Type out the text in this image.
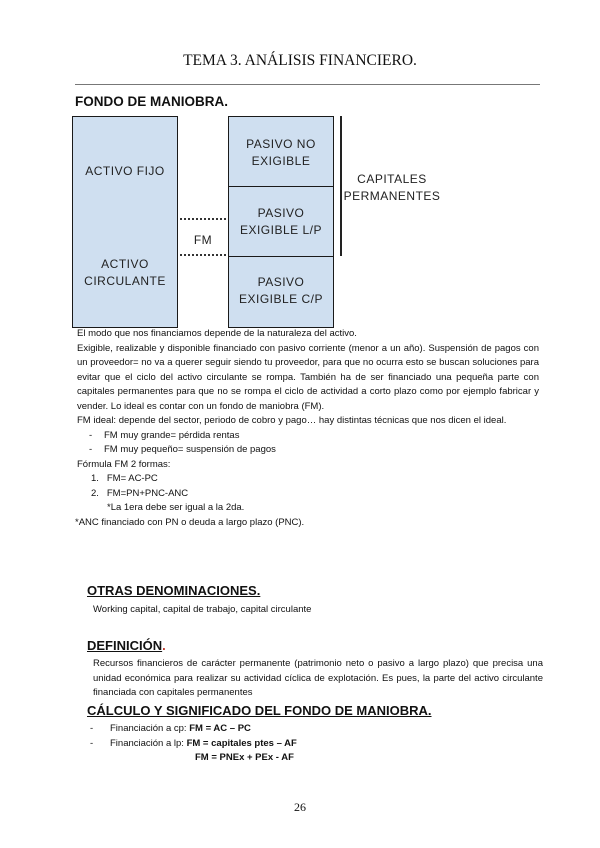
TEMA 3. ANÁLISIS FINANCIERO.
FONDO DE MANIOBRA.
ACTIVO FIJO
ACTIVO
CIRCULANTE
PASIVO NO
EXIGIBLE
PASIVO
EXIGIBLE L/P
PASIVO
EXIGIBLE C/P
FM
CAPITALES
PERMANENTES

El modo que nos financiamos depende de la naturaleza del activo.

Exigible, realizable y disponible financiado con pasivo corriente (menor a un año). Suspensión de pagos con un proveedor= no va a querer seguir siendo tu proveedor, para que no ocurra esto se buscan soluciones para evitar que el ciclo del activo circulante se rompa. También ha de ser financiado una pequeña parte con capitales permanentes para que no se rompa el ciclo de actividad a corto plazo como por ejemplo fabricar y vender. Lo ideal es contar con un fondo de maniobra (FM).

FM ideal: depende del sector, periodo de cobro y pago… hay distintas técnicas que nos dicen el ideal.

- FM muy grande= pérdida rentas
- FM muy pequeño= suspensión de pagos

Fórmula FM 2 formas:

1. FM= AC-PC
2. FM=PN+PNC-ANC

*La 1era debe ser igual a la 2da.

*ANC financiado con PN o deuda a largo plazo (PNC).

OTRAS DENOMINACIONES.
Working capital, capital de trabajo, capital circulante
DEFINICIÓN.
Recursos financieros de carácter permanente (patrimonio neto o pasivo a largo plazo) que precisa una unidad económica para realizar su actividad cíclica de explotación. Es pues, la parte del activo circulante financiada con capitales permanentes
CÁLCULO Y SIGNIFICADO DEL FONDO DE MANIOBRA.
- Financiación a cp: FM = AC – PC
- Financiación a lp: FM = capitales ptes – AF
FM = PNEx + PEx - AF
26
